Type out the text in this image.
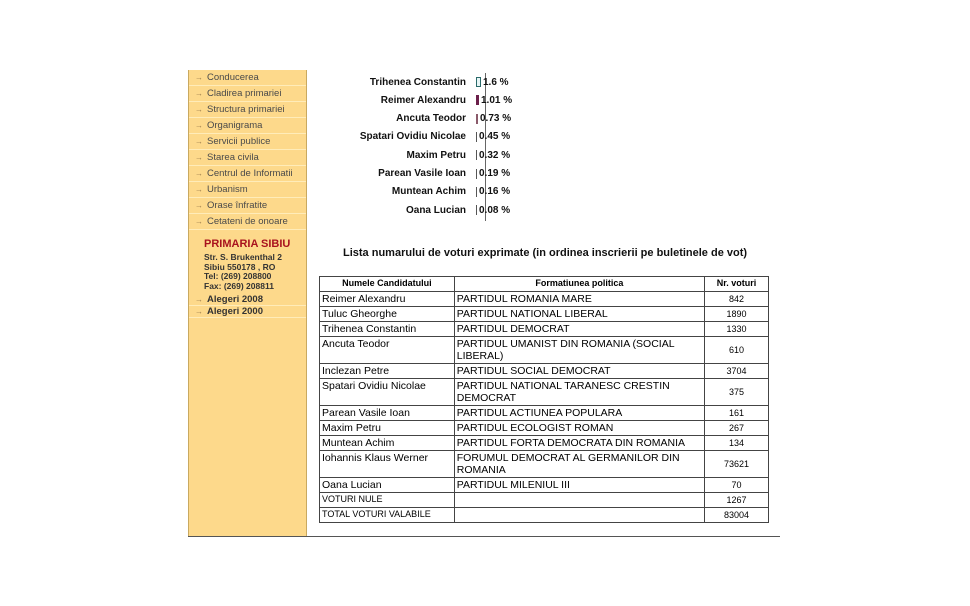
→ Conducerea
→ Cladirea primariei
→ Structura primariei
→ Organigrama
→ Servicii publice
→ Starea civila
→ Centrul de Informatii
→ Urbanism
→ Orase înfratite
→ Cetateni de onoare
PRIMARIA SIBIU
Str. S. Brukenthal 2
Sibiu 550178 , RO
Tel: (269) 208800
Fax: (269) 208811
→ Alegeri 2008
→ Alegeri 2000
Trihenea Constantin	1.6 %
Reimer Alexandru	1.01 %
Ancuta Teodor	0.73 %
Spatari Ovidiu Nicolae	0.45 %
Maxim Petru	0.32 %
Parean Vasile Ioan	0.19 %
Muntean Achim	0.16 %
Oana Lucian	0.08 %
Lista numarului de voturi exprimate (in ordinea inscrierii pe buletinele de vot)
Numele Candidatului	Formatiunea politica	Nr. voturi
Reimer Alexandru	PARTIDUL ROMANIA MARE	842
Tuluc Gheorghe	PARTIDUL NATIONAL LIBERAL	1890
Trihenea Constantin	PARTIDUL DEMOCRAT	1330
Ancuta Teodor	PARTIDUL UMANIST DIN ROMANIA (SOCIAL LIBERAL)	610
Inclezan Petre	PARTIDUL SOCIAL DEMOCRAT	3704
Spatari Ovidiu Nicolae	PARTIDUL NATIONAL TARANESC CRESTIN DEMOCRAT	375
Parean Vasile Ioan	PARTIDUL ACTIUNEA POPULARA	161
Maxim Petru	PARTIDUL ECOLOGIST ROMAN	267
Muntean Achim	PARTIDUL FORTA DEMOCRATA DIN ROMANIA	134
Iohannis Klaus Werner	FORUMUL DEMOCRAT AL GERMANILOR DIN ROMANIA	73621
Oana Lucian	PARTIDUL MILENIUL III	70
VOTURI NULE		1267
TOTAL VOTURI VALABILE		83004
